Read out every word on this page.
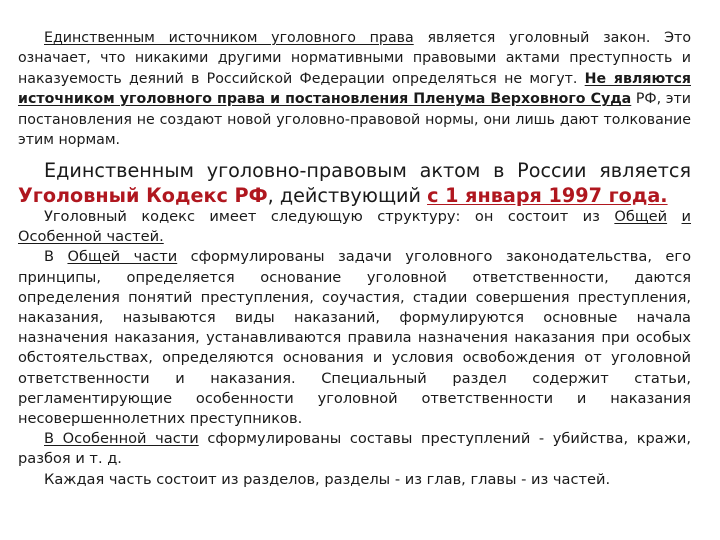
Единственным источником уголовного права является уголовный закон. Это означает, что никакими другими нормативными правовыми актами преступность и наказуемость деяний в Российской Федерации определяться не могут. Не являются источником уголовного права и постановления Пленума Верховного Суда РФ, эти постановления не создают новой уголовно-правовой нормы, они лишь дают толкование этим нормам.

Единственным уголовно-правовым актом в России является Уголовный Кодекс РФ, действующий с 1 января 1997 года.

Уголовный кодекс имеет следующую структуру: он состоит из Общей и Особенной частей.

В Общей части сформулированы задачи уголовного законодательства, его принципы, определяется основание уголовной ответственности, даются определения понятий преступления, соучастия, стадии совершения преступления, наказания, называются виды наказаний, формулируются основные начала назначения наказания, устанавливаются правила назначения наказания при особых обстоятельствах, определяются основания и условия освобождения от уголовной ответственности и наказания. Специальный раздел содержит статьи, регламентирующие особенности уголовной ответственности и наказания несовершеннолетних преступников.

В Особенной части сформулированы составы преступлений - убийства, кражи, разбоя и т. д.

Каждая часть состоит из разделов, разделы - из глав, главы - из частей.
